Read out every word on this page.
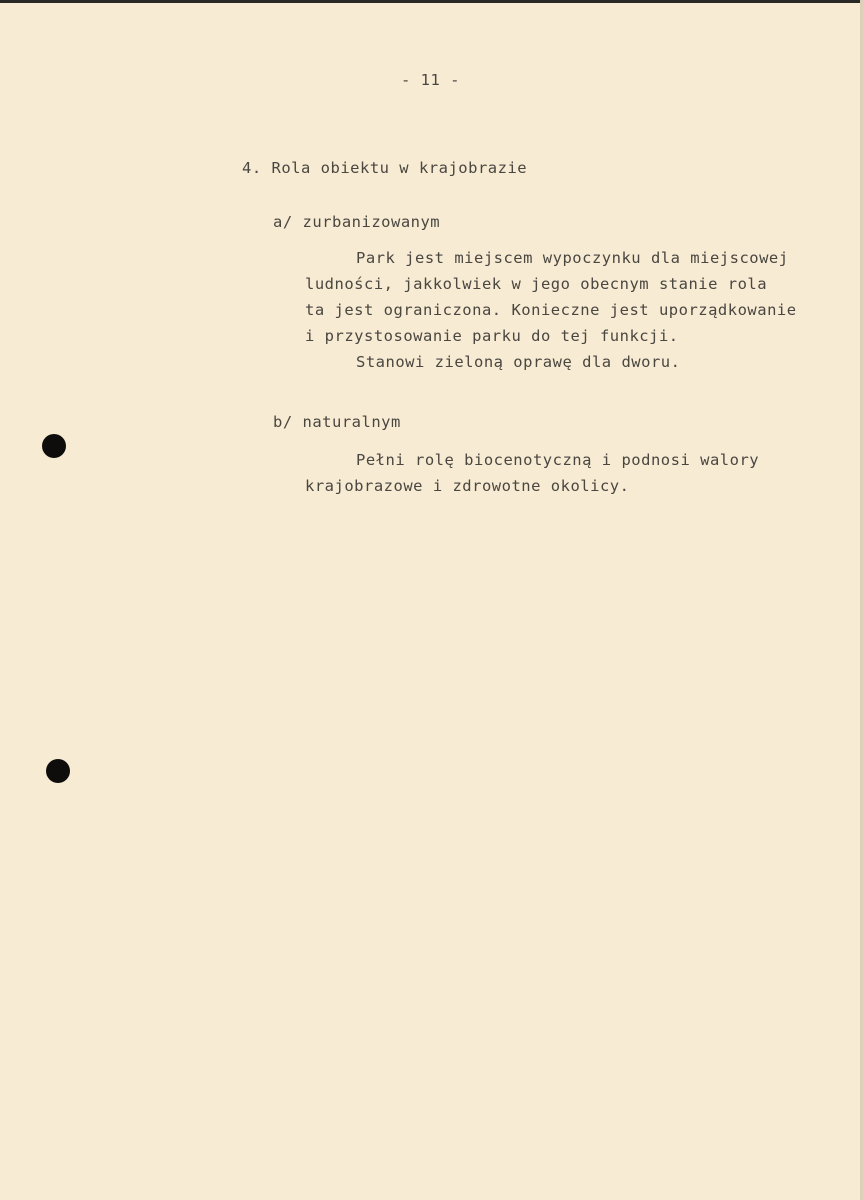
- 11 -
4. Rola obiektu w krajobrazie
a/ zurbanizowanym
Park jest miejscem wypoczynku dla miejscowej
ludności, jakkolwiek w jego obecnym stanie rola
ta jest ograniczona. Konieczne jest uporządkowanie
i przystosowanie parku do tej funkcji.
Stanowi zieloną oprawę dla dworu.
b/ naturalnym
Pełni rolę biocenotyczną i podnosi walory
krajobrazowe i zdrowotne okolicy.
